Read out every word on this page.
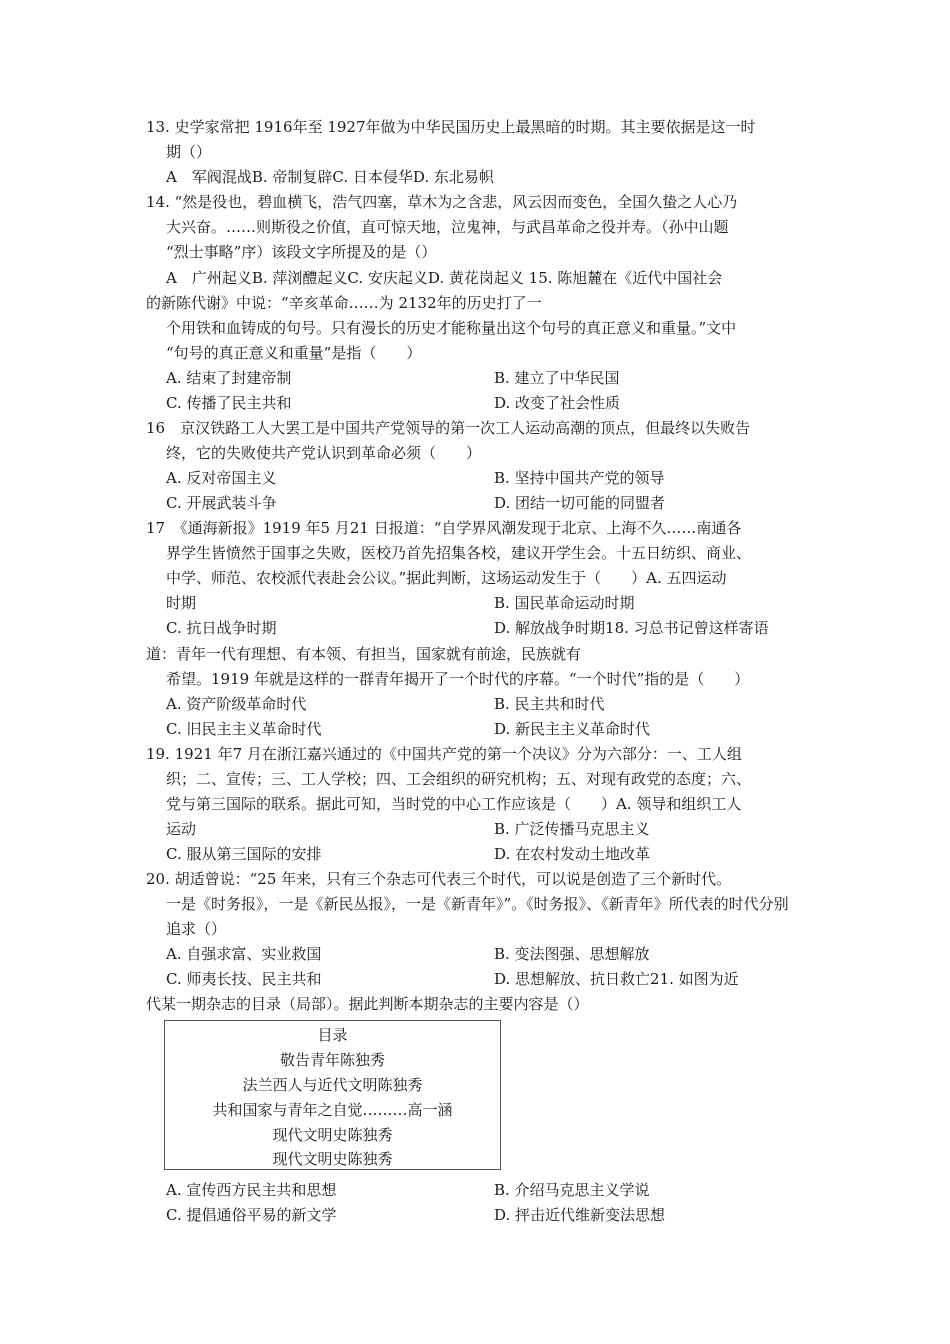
13. 史学家常把 1916年至 1927年做为中华民国历史上最黑暗的时期。其主要依据是这一时
期（）
A　军阀混战B. 帝制复辟C. 日本侵华D. 东北易帜
14. “然是役也，碧血横飞，浩气四塞，草木为之含悲，风云因而变色，全国久蛰之人心乃
大兴奋。……则斯役之价值，直可惊天地，泣鬼神，与武昌革命之役并寿。（孙中山题
“烈士事略”序）该段文字所提及的是（）
A　广州起义B. 萍浏醴起义C. 安庆起义D. 黄花岗起义 15. 陈旭麓在《近代中国社会
的新陈代谢》中说：“辛亥革命……为 2132年的历史打了一
个用铁和血铸成的句号。只有漫长的历史才能称量出这个句号的真正意义和重量。”文中
“句号的真正意义和重量”是指（　　）
A. 结束了封建帝制	B. 建立了中华民国
C. 传播了民主共和	D. 改变了社会性质
16　京汉铁路工人大罢工是中国共产党领导的第一次工人运动高潮的顶点，但最终以失败告
终，它的失败使共产党认识到革命必须（　　）
A. 反对帝国主义	B. 坚持中国共产党的领导
C. 开展武装斗争	D. 团结一切可能的同盟者
17　《通海新报》1919 年5 月21 日报道：“自学界风潮发现于北京、上海不久……南通各
界学生皆愤然于国事之失败，医校乃首先招集各校，建议开学生会。十五日纺织、商业、
中学、师范、农校派代表赴会公议。”据此判断，这场运动发生于（　　）A. 五四运动
时期	B. 国民革命运动时期
C. 抗日战争时期	D. 解放战争时期18. 习总书记曾这样寄语
道：青年一代有理想、有本领、有担当，国家就有前途，民族就有
希望。1919 年就是这样的一群青年揭开了一个时代的序幕。“一个时代”指的是（　　）
A. 资产阶级革命时代	B. 民主共和时代
C. 旧民主主义革命时代	D. 新民主主义革命时代
19. 1921 年7 月在浙江嘉兴通过的《中国共产党的第一个决议》分为六部分：一、工人组
织；二、宣传；三、工人学校；四、工会组织的研究机构；五、对现有政党的态度；六、
党与第三国际的联系。据此可知，当时党的中心工作应该是（　　）A. 领导和组织工人
运动	B. 广泛传播马克思主义
C. 服从第三国际的安排	D. 在农村发动土地改革
20. 胡适曾说：“25 年来，只有三个杂志可代表三个时代，可以说是创造了三个新时代。
一是《时务报》，一是《新民丛报》，一是《新青年》”。《时务报》、《新青年》所代表的时代分别
追求（）
A. 自强求富、实业救国	B. 变法图强、思想解放
C. 师夷长技、民主共和	D. 思想解放、抗日救亡21. 如图为近
代某一期杂志的目录（局部）。据此判断本期杂志的主要内容是（）
目录
敬告青年陈独秀
法兰西人与近代文明陈独秀
共和国家与青年之自觉………高一涵
现代文明史陈独秀
现代文明史陈独秀
A. 宣传西方民主共和思想	B. 介绍马克思主义学说
C. 提倡通俗平易的新文学	D. 抨击近代维新变法思想
